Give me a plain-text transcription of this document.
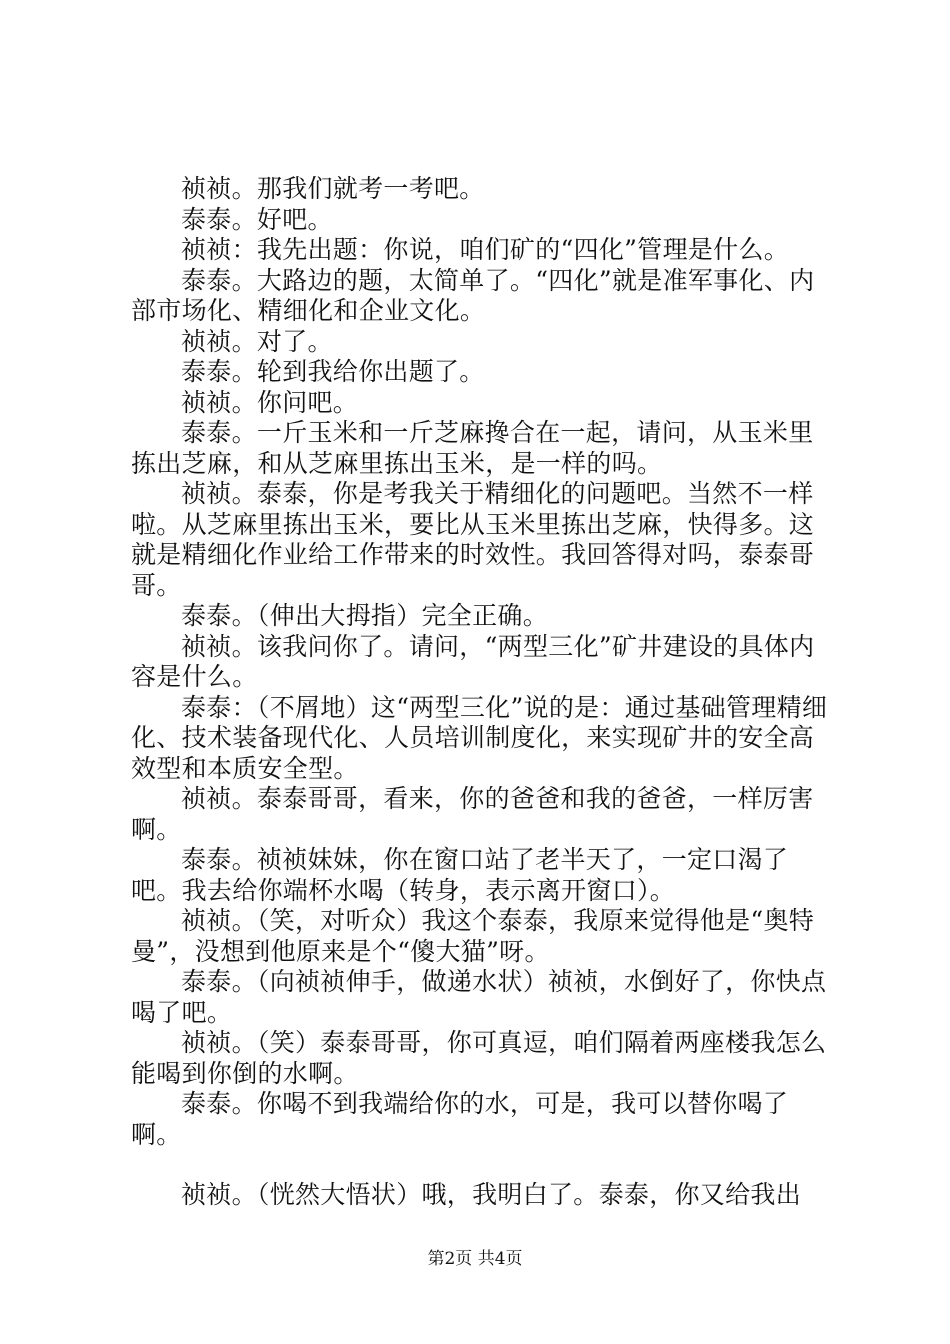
祯祯。那我们就考一考吧。

泰泰。好吧。

祯祯：我先出题：你说，咱们矿的“四化”管理是什么。

泰泰。大路边的题，太简单了。“四化”就是准军事化、内部市场化、精细化和企业文化。

祯祯。对了。

泰泰。轮到我给你出题了。

祯祯。你问吧。

泰泰。一斤玉米和一斤芝麻搀合在一起，请问，从玉米里拣出芝麻，和从芝麻里拣出玉米，是一样的吗。

祯祯。泰泰，你是考我关于精细化的问题吧。当然不一样啦。从芝麻里拣出玉米，要比从玉米里拣出芝麻，快得多。这就是精细化作业给工作带来的时效性。我回答得对吗，泰泰哥哥。

泰泰。（伸出大拇指）完全正确。

祯祯。该我问你了。请问，“两型三化”矿井建设的具体内容是什么。

泰泰：（不屑地）这“两型三化”说的是：通过基础管理精细化、技术装备现代化、人员培训制度化，来实现矿井的安全高效型和本质安全型。

祯祯。泰泰哥哥，看来，你的爸爸和我的爸爸，一样厉害啊。

泰泰。祯祯妹妹，你在窗口站了老半天了，一定口渴了吧。我去给你端杯水喝（转身，表示离开窗口）。

祯祯。（笑，对听众）我这个泰泰，我原来觉得他是“奥特曼”，没想到他原来是个“傻大猫”呀。

泰泰。（向祯祯伸手，做递水状）祯祯，水倒好了，你快点喝了吧。

祯祯。（笑）泰泰哥哥，你可真逗，咱们隔着两座楼我怎么能喝到你倒的水啊。

泰泰。你喝不到我端给你的水，可是，我可以替你喝了啊。

祯祯。（恍然大悟状）哦，我明白了。泰泰，你又给我出

第2页 共4页
